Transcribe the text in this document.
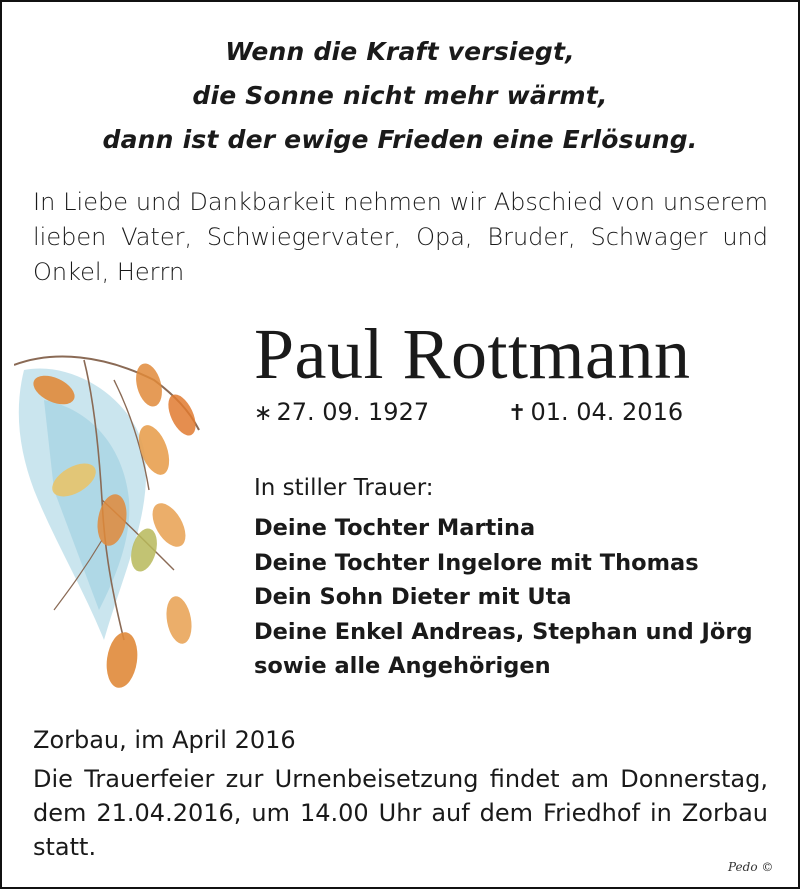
Wenn die Kraft versiegt,
die Sonne nicht mehr wärmt,
dann ist der ewige Frieden eine Erlösung.
In Liebe und Dankbarkeit nehmen wir Abschied von unserem
lieben Vater, Schwiegervater, Opa, Bruder, Schwager und
Onkel, Herrn
Paul Rottmann
∗ 27. 09. 1927	✝ 01. 04. 2016
In stiller Trauer:
Deine Tochter Martina
Deine Tochter Ingelore mit Thomas
Dein Sohn Dieter mit Uta
Deine Enkel Andreas, Stephan und Jörg
sowie alle Angehörigen
Zorbau, im April 2016
Die Trauerfeier zur Urnenbeisetzung findet am Donnerstag,
dem 21.04.2016, um 14.00 Uhr auf dem Friedhof in Zorbau
statt.
Pedo ©
